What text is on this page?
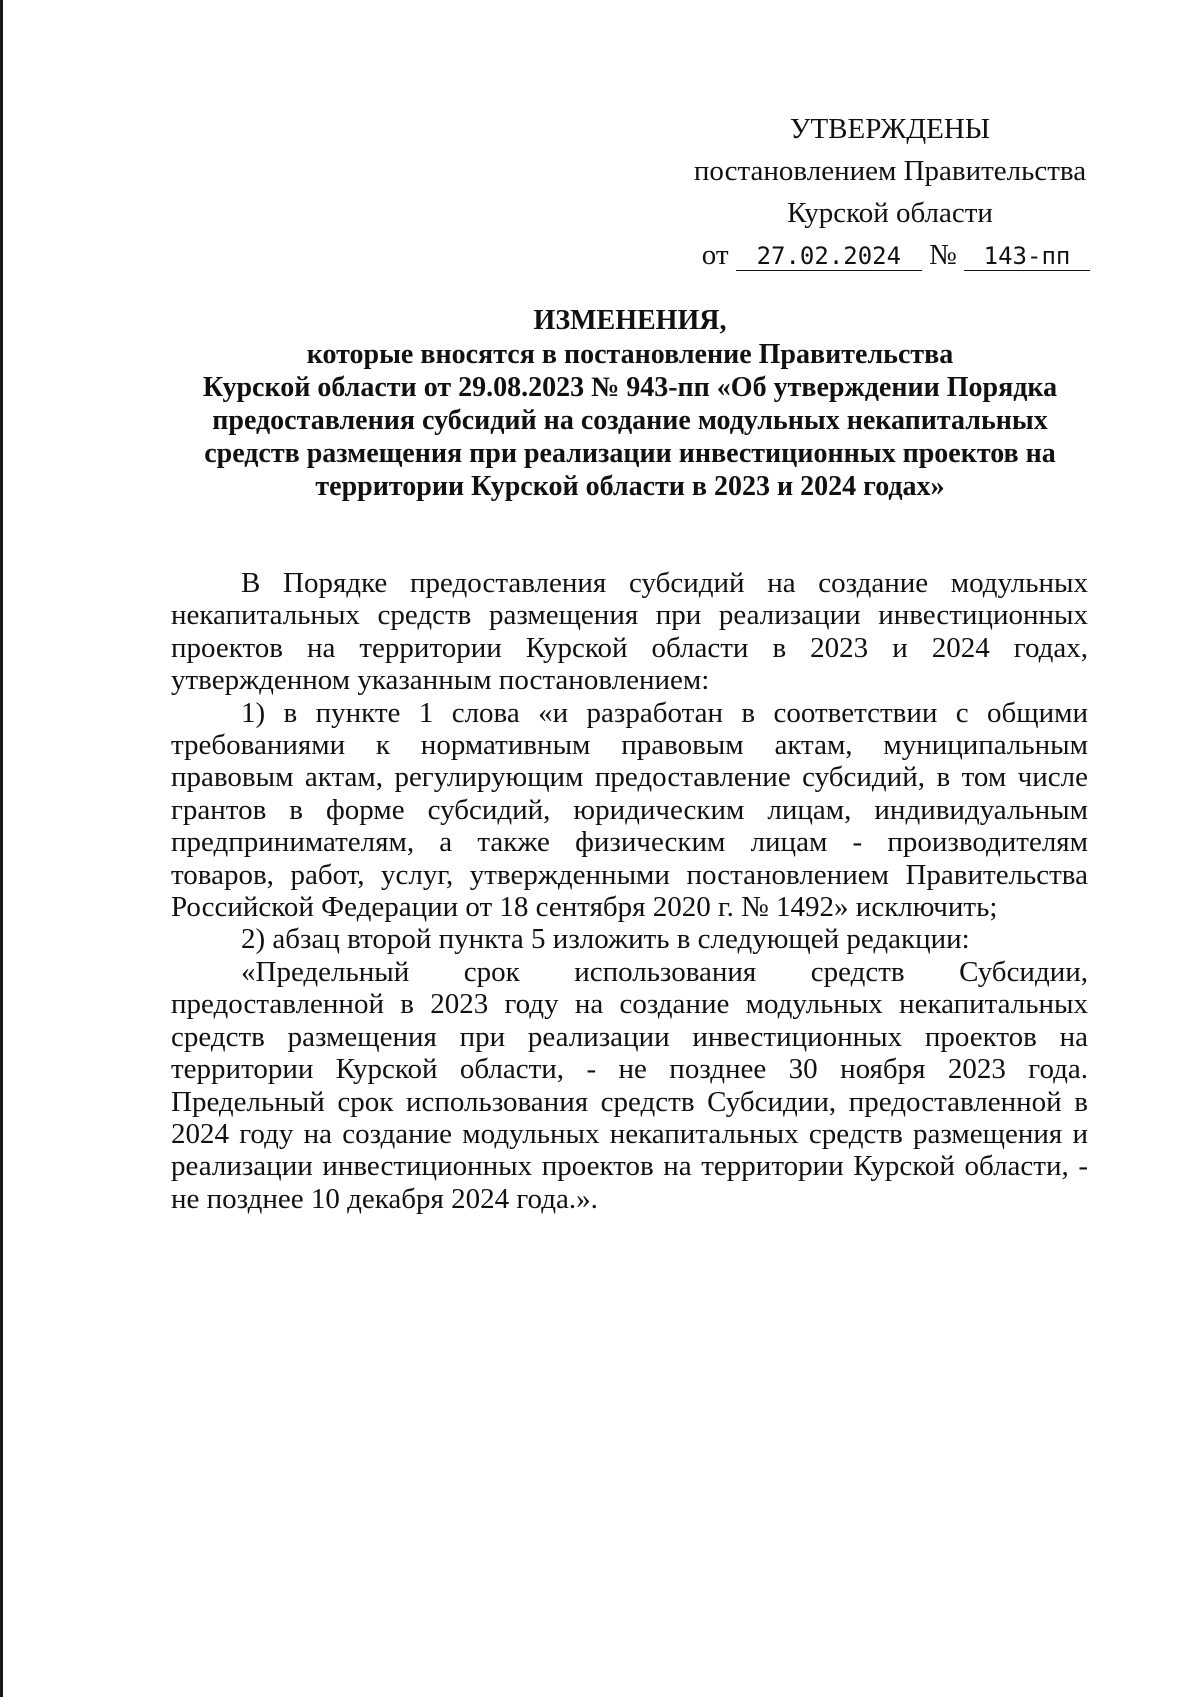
УТВЕРЖДЕНЫ
постановлением Правительства
Курской области
от 27.02.2024 № 143-пп
ИЗМЕНЕНИЯ,
которые вносятся в постановление Правительства
Курской области от 29.08.2023 № 943-пп «Об утверждении Порядка
предоставления субсидий на создание модульных некапитальных
средств размещения при реализации инвестиционных проектов на
территории Курской области в 2023 и 2024 годах»

В Порядке предоставления субсидий на создание модульных некапитальных средств размещения при реализации инвестиционных проектов на территории Курской области в 2023 и 2024 годах, утвержденном указанным постановлением:

1) в пункте 1 слова «и разработан в соответствии с общими требованиями к нормативным правовым актам, муниципальным правовым актам, регулирующим предоставление субсидий, в том числе грантов в форме субсидий, юридическим лицам, индивидуальным предпринимателям, а также физическим лицам - производителям товаров, работ, услуг, утвержденными постановлением Правительства Российской Федерации от 18 сентября 2020 г. № 1492» исключить;

2) абзац второй пункта 5 изложить в следующей редакции:

«Предельный срок использования средств Субсидии, предоставленной в 2023 году на создание модульных некапитальных средств размещения при реализации инвестиционных проектов на территории Курской области, - не позднее 30 ноября 2023 года. Предельный срок использования средств Субсидии, предоставленной в 2024 году на создание модульных некапитальных средств размещения и реализации инвестиционных проектов на территории Курской области, - не позднее 10 декабря 2024 года.».
